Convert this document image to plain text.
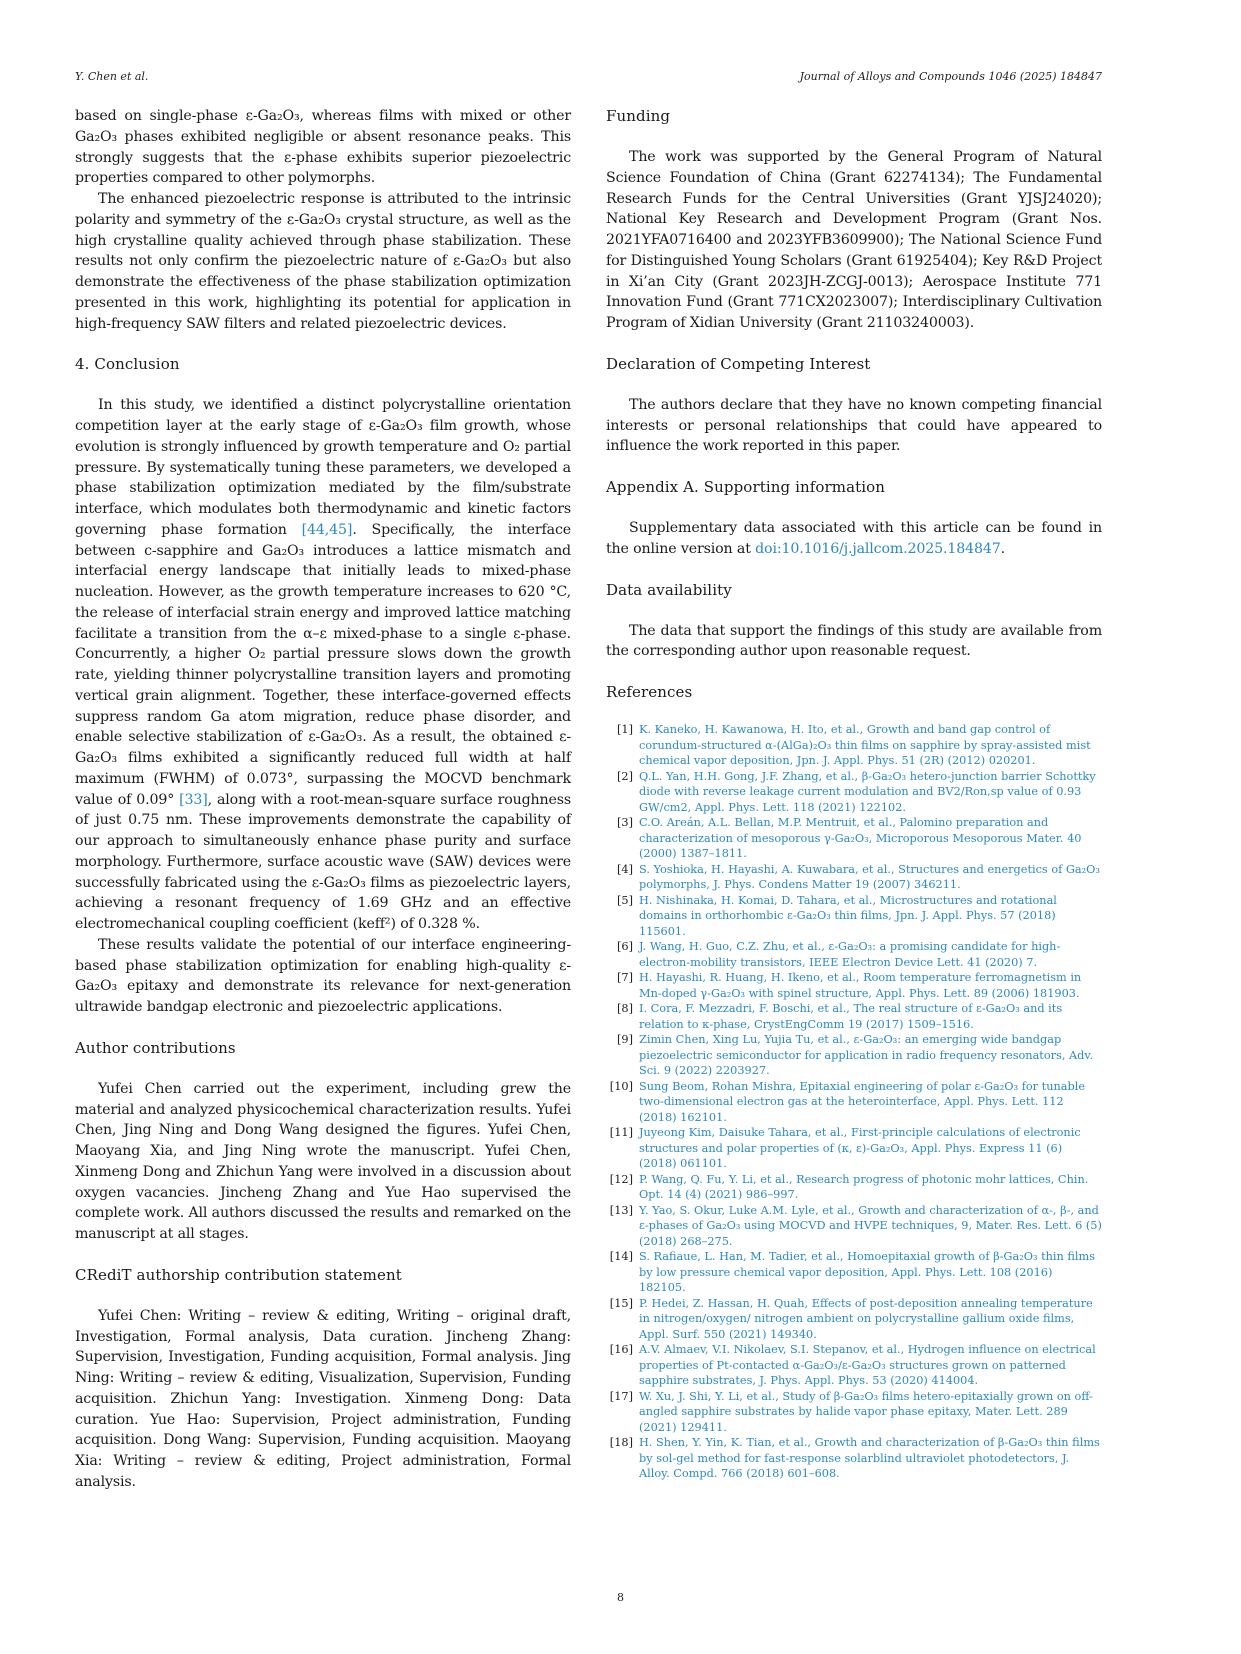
Y. Chen et al.	Journal of Alloys and Compounds 1046 (2025) 184847

based on single-phase ε-Ga₂O₃, whereas films with mixed or other Ga₂O₃ phases exhibited negligible or absent resonance peaks. This strongly suggests that the ε-phase exhibits superior piezoelectric properties compared to other polymorphs.

The enhanced piezoelectric response is attributed to the intrinsic polarity and symmetry of the ε-Ga₂O₃ crystal structure, as well as the high crystalline quality achieved through phase stabilization. These results not only confirm the piezoelectric nature of ε-Ga₂O₃ but also demonstrate the effectiveness of the phase stabilization optimization presented in this work, highlighting its potential for application in high-frequency SAW filters and related piezoelectric devices.

4. Conclusion

In this study, we identified a distinct polycrystalline orientation competition layer at the early stage of ε-Ga₂O₃ film growth, whose evolution is strongly influenced by growth temperature and O₂ partial pressure. By systematically tuning these parameters, we developed a phase stabilization optimization mediated by the film/substrate interface, which modulates both thermodynamic and kinetic factors governing phase formation [44,45]. Specifically, the interface between c-sapphire and Ga₂O₃ introduces a lattice mismatch and interfacial energy landscape that initially leads to mixed-phase nucleation. However, as the growth temperature increases to 620 °C, the release of interfacial strain energy and improved lattice matching facilitate a transition from the α–ε mixed-phase to a single ε-phase. Concurrently, a higher O₂ partial pressure slows down the growth rate, yielding thinner polycrystalline transition layers and promoting vertical grain alignment. Together, these interface-governed effects suppress random Ga atom migration, reduce phase disorder, and enable selective stabilization of ε-Ga₂O₃. As a result, the obtained ε-Ga₂O₃ films exhibited a significantly reduced full width at half maximum (FWHM) of 0.073°, surpassing the MOCVD benchmark value of 0.09° [33], along with a root-mean-square surface roughness of just 0.75 nm. These improvements demonstrate the capability of our approach to simultaneously enhance phase purity and surface morphology. Furthermore, surface acoustic wave (SAW) devices were successfully fabricated using the ε-Ga₂O₃ films as piezoelectric layers, achieving a resonant frequency of 1.69 GHz and an effective electromechanical coupling coefficient (keff²) of 0.328 %.

These results validate the potential of our interface engineering-based phase stabilization optimization for enabling high-quality ε-Ga₂O₃ epitaxy and demonstrate its relevance for next-generation ultrawide bandgap electronic and piezoelectric applications.

Author contributions

Yufei Chen carried out the experiment, including grew the material and analyzed physicochemical characterization results. Yufei Chen, Jing Ning and Dong Wang designed the figures. Yufei Chen, Maoyang Xia, and Jing Ning wrote the manuscript. Yufei Chen, Xinmeng Dong and Zhichun Yang were involved in a discussion about oxygen vacancies. Jincheng Zhang and Yue Hao supervised the complete work. All authors discussed the results and remarked on the manuscript at all stages.

CRediT authorship contribution statement

Yufei Chen: Writing – review & editing, Writing – original draft, Investigation, Formal analysis, Data curation. Jincheng Zhang: Supervision, Investigation, Funding acquisition, Formal analysis. Jing Ning: Writing – review & editing, Visualization, Supervision, Funding acquisition. Zhichun Yang: Investigation. Xinmeng Dong: Data curation. Yue Hao: Supervision, Project administration, Funding acquisition. Dong Wang: Supervision, Funding acquisition. Maoyang Xia: Writing – review & editing, Project administration, Formal analysis.

Funding

The work was supported by the General Program of Natural Science Foundation of China (Grant 62274134); The Fundamental Research Funds for the Central Universities (Grant YJSJ24020); National Key Research and Development Program (Grant Nos. 2021YFA0716400 and 2023YFB3609900); The National Science Fund for Distinguished Young Scholars (Grant 61925404); Key R&D Project in Xi’an City (Grant 2023JH-ZCGJ-0013); Aerospace Institute 771 Innovation Fund (Grant 771CX2023007); Interdisciplinary Cultivation Program of Xidian University (Grant 21103240003).

Declaration of Competing Interest

The authors declare that they have no known competing financial interests or personal relationships that could have appeared to influence the work reported in this paper.

Appendix A. Supporting information

Supplementary data associated with this article can be found in the online version at doi:10.1016/j.jallcom.2025.184847.

Data availability

The data that support the findings of this study are available from the corresponding author upon reasonable request.

References
[1] K. Kaneko, H. Kawanowa, H. Ito, et al., Growth and band gap control of corundum-structured α-(AlGa)₂O₃ thin films on sapphire by spray-assisted mist chemical vapor deposition, Jpn. J. Appl. Phys. 51 (2R) (2012) 020201.
[2] Q.L. Yan, H.H. Gong, J.F. Zhang, et al., β-Ga₂O₃ hetero-junction barrier Schottky diode with reverse leakage current modulation and BV2/Ron,sp value of 0.93 GW/cm2, Appl. Phys. Lett. 118 (2021) 122102.
[3] C.O. Areán, A.L. Bellan, M.P. Mentruit, et al., Palomino preparation and characterization of mesoporous γ-Ga₂O₃, Microporous Mesoporous Mater. 40 (2000) 1387–1811.
[4] S. Yoshioka, H. Hayashi, A. Kuwabara, et al., Structures and energetics of Ga₂O₃ polymorphs, J. Phys. Condens Matter 19 (2007) 346211.
[5] H. Nishinaka, H. Komai, D. Tahara, et al., Microstructures and rotational domains in orthorhombic ε-Ga₂O₃ thin films, Jpn. J. Appl. Phys. 57 (2018) 115601.
[6] J. Wang, H. Guo, C.Z. Zhu, et al., ε-Ga₂O₃: a promising candidate for high-electron-mobility transistors, IEEE Electron Device Lett. 41 (2020) 7.
[7] H. Hayashi, R. Huang, H. Ikeno, et al., Room temperature ferromagnetism in Mn-doped γ-Ga₂O₃ with spinel structure, Appl. Phys. Lett. 89 (2006) 181903.
[8] I. Cora, F. Mezzadri, F. Boschi, et al., The real structure of ε-Ga₂O₃ and its relation to κ-phase, CrystEngComm 19 (2017) 1509–1516.
[9] Zimin Chen, Xing Lu, Yujia Tu, et al., ε-Ga₂O₃: an emerging wide bandgap piezoelectric semiconductor for application in radio frequency resonators, Adv. Sci. 9 (2022) 2203927.
[10] Sung Beom, Rohan Mishra, Epitaxial engineering of polar ε-Ga₂O₃ for tunable two-dimensional electron gas at the heterointerface, Appl. Phys. Lett. 112 (2018) 162101.
[11] Juyeong Kim, Daisuke Tahara, et al., First-principle calculations of electronic structures and polar properties of (κ, ε)-Ga₂O₃, Appl. Phys. Express 11 (6) (2018) 061101.
[12] P. Wang, Q. Fu, Y. Li, et al., Research progress of photonic mohr lattices, Chin. Opt. 14 (4) (2021) 986–997.
[13] Y. Yao, S. Okur, Luke A.M. Lyle, et al., Growth and characterization of α-, β-, and ε-phases of Ga₂O₃ using MOCVD and HVPE techniques, 9, Mater. Res. Lett. 6 (5) (2018) 268–275.
[14] S. Rafiaue, L. Han, M. Tadier, et al., Homoepitaxial growth of β-Ga₂O₃ thin films by low pressure chemical vapor deposition, Appl. Phys. Lett. 108 (2016) 182105.
[15] P. Hedei, Z. Hassan, H. Quah, Effects of post-deposition annealing temperature in nitrogen/oxygen/ nitrogen ambient on polycrystalline gallium oxide films, Appl. Surf. 550 (2021) 149340.
[16] A.V. Almaev, V.I. Nikolaev, S.I. Stepanov, et al., Hydrogen influence on electrical properties of Pt-contacted α-Ga₂O₃/ε-Ga₂O₃ structures grown on patterned sapphire substrates, J. Phys. Appl. Phys. 53 (2020) 414004.
[17] W. Xu, J. Shi, Y. Li, et al., Study of β-Ga₂O₃ films hetero-epitaxially grown on off-angled sapphire substrates by halide vapor phase epitaxy, Mater. Lett. 289 (2021) 129411.
[18] H. Shen, Y. Yin, K. Tian, et al., Growth and characterization of β-Ga₂O₃ thin films by sol-gel method for fast-response solarblind ultraviolet photodetectors, J. Alloy. Compd. 766 (2018) 601–608.
8
